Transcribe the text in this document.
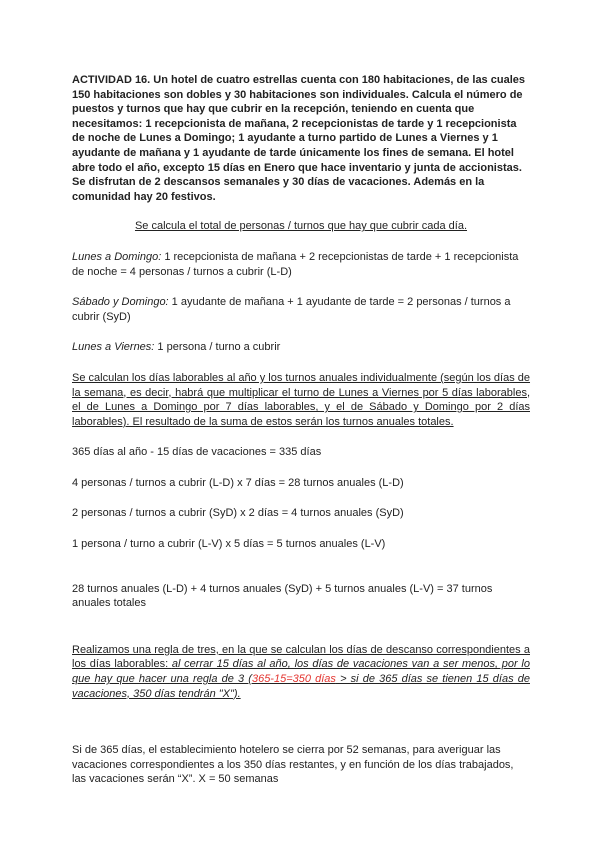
ACTIVIDAD 16. Un hotel de cuatro estrellas cuenta con 180 habitaciones, de las cuales 150 habitaciones son dobles y 30 habitaciones son individuales. Calcula el número de puestos y turnos que hay que cubrir en la recepción, teniendo en cuenta que necesitamos: 1 recepcionista de mañana, 2 recepcionistas de tarde y 1 recepcionista de noche de Lunes a Domingo; 1 ayudante a turno partido de Lunes a Viernes y 1 ayudante de mañana y 1 ayudante de tarde únicamente los fines de semana. El hotel abre todo el año, excepto 15 días en Enero que hace inventario y junta de accionistas. Se disfrutan de 2 descansos semanales y 30 días de vacaciones. Además en la comunidad hay 20 festivos.
Se calcula el total de personas / turnos que hay que cubrir cada día.
Lunes a Domingo: 1 recepcionista de mañana + 2 recepcionistas de tarde + 1 recepcionista de noche = 4 personas / turnos a cubrir (L-D)
Sábado y Domingo: 1 ayudante de mañana + 1 ayudante de tarde = 2 personas / turnos a cubrir (SyD)
Lunes a Viernes: 1 persona / turno a cubrir
Se calculan los días laborables al año y los turnos anuales individualmente (según los días de la semana, es decir, habrá que multiplicar el turno de Lunes a Viernes por 5 días laborables, el de Lunes a Domingo por 7 días laborables, y el de Sábado y Domingo por 2 días laborables). El resultado de la suma de estos serán los turnos anuales totales.
365 días al año - 15 días de vacaciones = 335 días
4 personas / turnos a cubrir (L-D) x 7 días = 28 turnos anuales (L-D)
2 personas / turnos a cubrir (SyD) x 2 días = 4 turnos anuales (SyD)
1 persona / turno a cubrir (L-V) x 5 días = 5 turnos anuales (L-V)
28 turnos anuales (L-D) + 4 turnos anuales (SyD) + 5 turnos anuales (L-V) = 37 turnos anuales totales
Realizamos una regla de tres, en la que se calculan los días de descanso correspondientes a los días laborables: al cerrar 15 días al año, los días de vacaciones van a ser menos, por lo que hay que hacer una regla de 3 (365-15=350 días > si de 365 días se tienen 15 días de vacaciones, 350 días tendrán "X").
Si de 365 días, el establecimiento hotelero se cierra por 52 semanas, para averiguar las vacaciones correspondientes a los 350 días restantes, y en función de los días trabajados, las vacaciones serán “X”. X = 50 semanas
